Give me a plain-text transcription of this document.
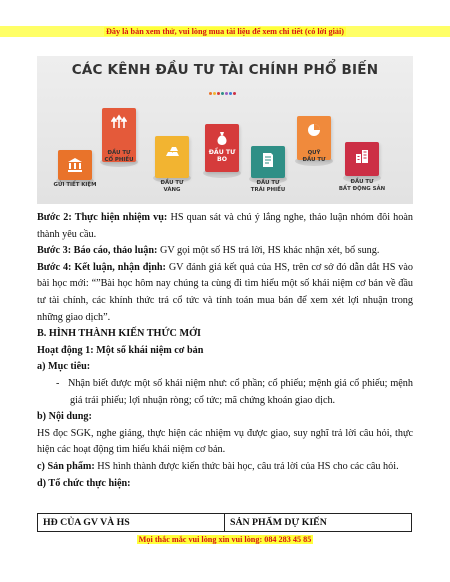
Đây là bản xem thử, vui lòng mua tài liệu để xem chi tiết (có lời giải)
CÁC KÊNH ĐẦU TƯ TÀI CHÍNH PHỔ BIẾN
GỬI TIẾT KIỆM
ĐẦU TƯ
CỔ PHIẾU
ĐẦU TƯ
VÀNG
ĐẦU TƯ
BO
ĐẦU TƯ
TRÁI PHIẾU
QUỸ
ĐẦU TƯ
ĐẦU TƯ
BẤT ĐỘNG SẢN

Bước 2: Thực hiện nhiệm vụ: HS quan sát và chú ý lắng nghe, thảo luận nhóm đôi hoàn thành yêu cầu.

Bước 3: Báo cáo, thảo luận: GV gọi một số HS trả lời, HS khác nhận xét, bổ sung.

Bước 4: Kết luận, nhận định: GV đánh giá kết quả của HS, trên cơ sở đó dẫn dắt HS vào bài học mới: “”Bài học hôm nay chúng ta cùng đi tìm hiểu một số khái niệm cơ bản về đầu tư tài chính, các khính thức trả cổ tức và tính toán mua bán để xem xét lợi nhuận trong những giao dịch”.

B. HÌNH THÀNH KIẾN THỨC MỚI

Hoạt động 1: Một số khái niệm cơ bản

a) Mục tiêu:

-   Nhận biết được một số khái niệm như: cổ phần; cổ phiếu; mệnh giá cổ phiếu; mệnh giá trái phiếu; lợi nhuận ròng; cổ tức; mã chứng khoán giao dịch.

b) Nội dung:

HS đọc SGK, nghe giảng, thực hiện các nhiệm vụ được giao, suy nghĩ trả lời câu hỏi, thực hiện các hoạt động tìm hiểu khái niệm cơ bản.

c) Sản phẩm: HS hình thành được kiến thức bài học, câu trả lời của HS cho các câu hỏi.

d) Tổ chức thực hiện:

HĐ CỦA GV VÀ HS	SẢN PHẨM DỰ KIẾN
Mọi thắc mắc vui lòng xin vui lòng: 084 283 45 85
